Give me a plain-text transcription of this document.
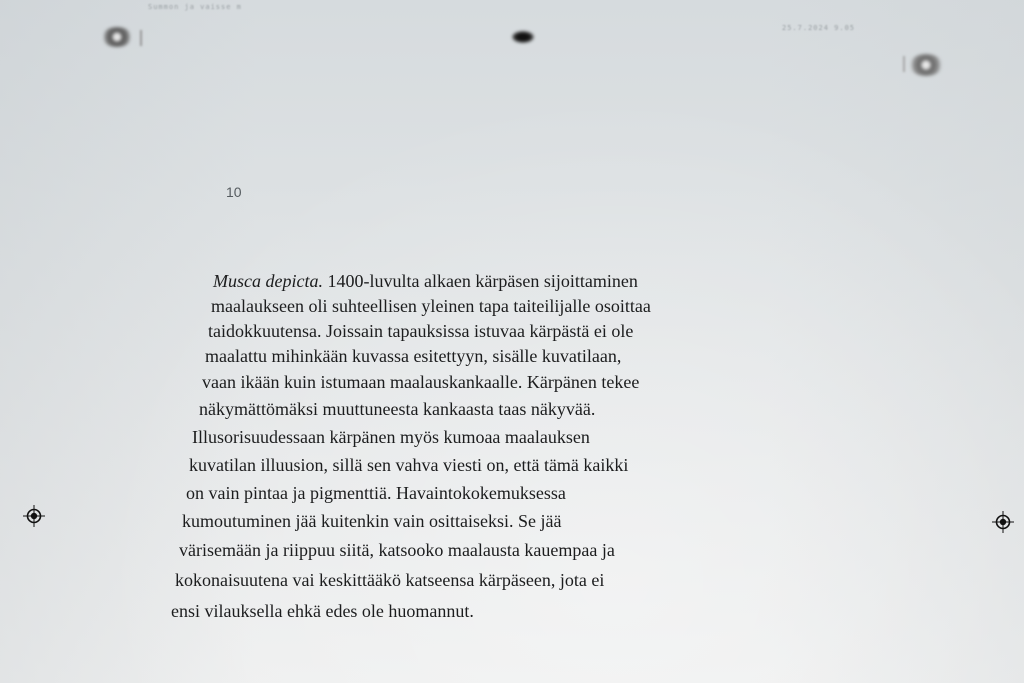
Summon ja vaisse m
25.7.2024 9.05
10
Musca depicta. 1400-luvulta alkaen kärpäsen sijoittaminen
maalaukseen oli suhteellisen yleinen tapa taiteilijalle osoittaa
taidokkuutensa. Joissain tapauksissa istuvaa kärpästä ei ole
maalattu mihinkään kuvassa esitettyyn, sisälle kuvatilaan,
vaan ikään kuin istumaan maalauskankaalle. Kärpänen tekee
näkymättömäksi muuttuneesta kankaasta taas näkyvää.
Illusorisuudessaan kärpänen myös kumoaa maalauksen
kuvatilan illuusion, sillä sen vahva viesti on, että tämä kaikki
on vain pintaa ja pigmenttiä. Havaintokokemuksessa
kumoutuminen jää kuitenkin vain osittaiseksi. Se jää
värisemään ja riippuu siitä, katsooko maalausta kauempaa ja
kokonaisuutena vai keskittääkö katseensa kärpäseen, jota ei
ensi vilauksella ehkä edes ole huomannut.
